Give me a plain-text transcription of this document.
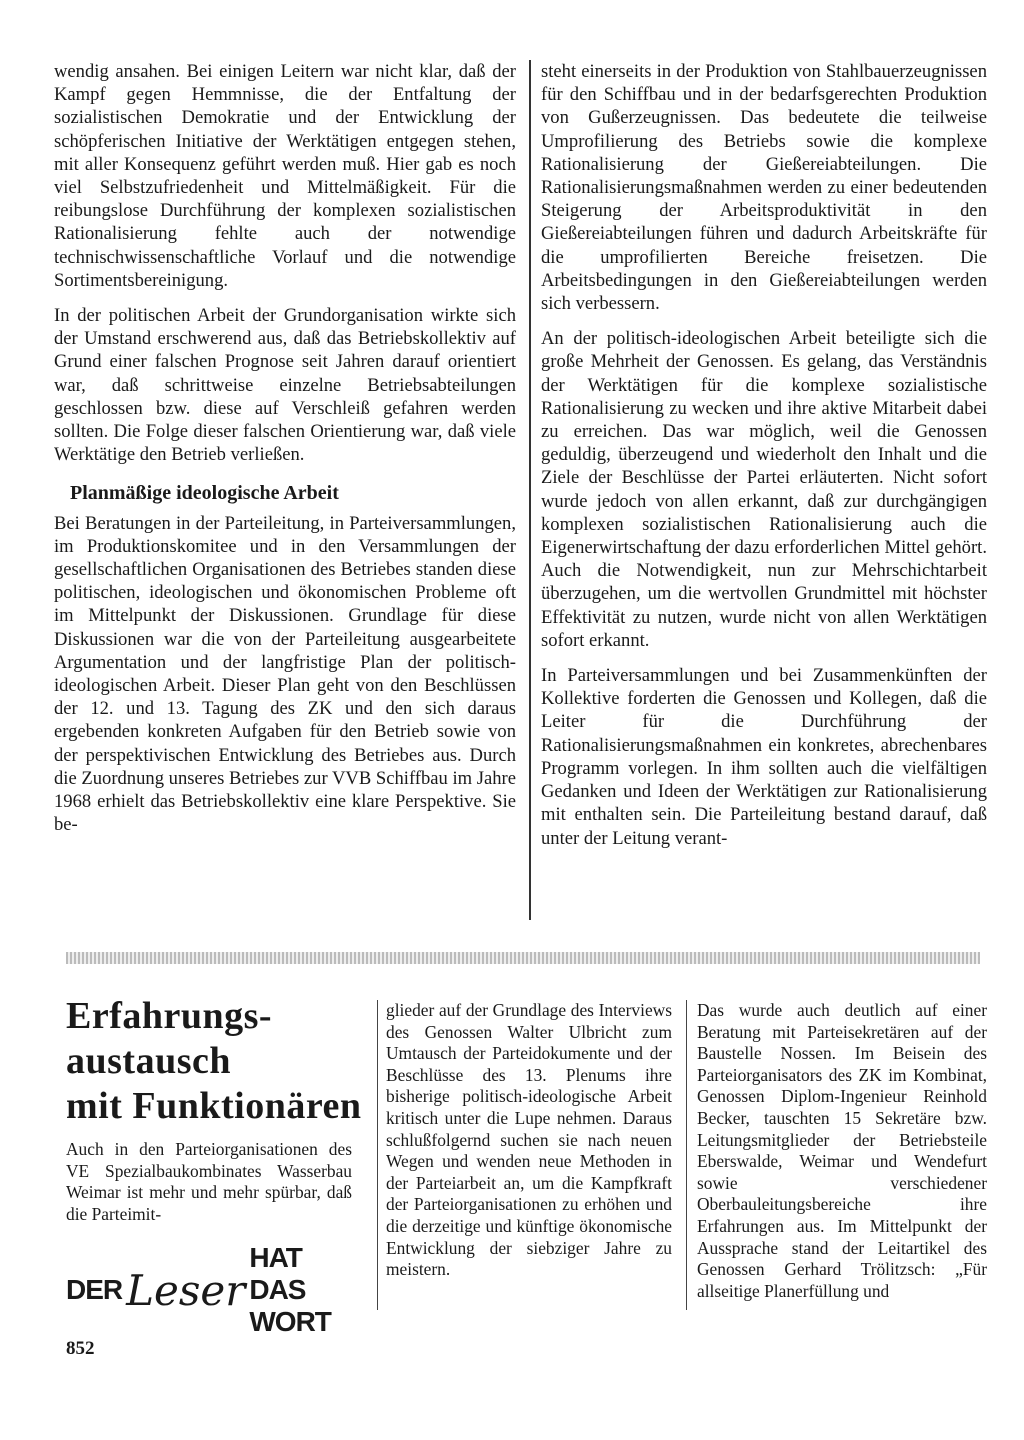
wendig ansahen. Bei einigen Leitern war nicht klar, daß der Kampf gegen Hemmnisse, die der Entfaltung der sozialistischen Demokratie und der Entwicklung der schöpferischen Initiative der Werktätigen entgegen stehen, mit aller Konsequenz geführt werden muß. Hier gab es noch viel Selbstzufriedenheit und Mittelmäßigkeit. Für die reibungslose Durchführung der komplexen sozialistischen Rationalisierung fehlte auch der notwendige technischwissenschaftliche Vorlauf und die notwendige Sortimentsbereinigung.

In der politischen Arbeit der Grundorganisation wirkte sich der Umstand erschwerend aus, daß das Betriebskollektiv auf Grund einer falschen Prognose seit Jahren darauf orientiert war, daß schrittweise einzelne Betriebsabteilungen geschlossen bzw. diese auf Verschleiß gefahren werden sollten. Die Folge dieser falschen Orientierung war, daß viele Werktätige den Betrieb verließen.

Planmäßige ideologische Arbeit

Bei Beratungen in der Parteileitung, in Parteiversammlungen, im Produktionskomitee und in den Versammlungen der gesellschaftlichen Organisationen des Betriebes standen diese politischen, ideologischen und ökonomischen Probleme oft im Mittelpunkt der Diskussionen. Grundlage für diese Diskussionen war die von der Parteileitung ausgearbeitete Argumentation und der langfristige Plan der politisch-ideologischen Arbeit. Dieser Plan geht von den Beschlüssen der 12. und 13. Tagung des ZK und den sich daraus ergebenden konkreten Aufgaben für den Betrieb sowie von der perspektivischen Entwicklung des Betriebes aus. Durch die Zuordnung unseres Betriebes zur VVB Schiffbau im Jahre 1968 erhielt das Betriebskollektiv eine klare Perspektive. Sie be-

steht einerseits in der Produktion von Stahlbauerzeugnissen für den Schiffbau und in der bedarfsgerechten Produktion von Gußerzeugnissen. Das bedeutete die teilweise Umprofilierung des Betriebs sowie die komplexe Rationalisierung der Gießereiabteilungen. Die Rationalisierungsmaßnahmen werden zu einer bedeutenden Steigerung der Arbeitsproduktivität in den Gießereiabteilungen führen und dadurch Arbeitskräfte für die umprofilierten Bereiche freisetzen. Die Arbeitsbedingungen in den Gießereiabteilungen werden sich verbessern.

An der politisch-ideologischen Arbeit beteiligte sich die große Mehrheit der Genossen. Es gelang, das Verständnis der Werktätigen für die komplexe sozialistische Rationalisierung zu wecken und ihre aktive Mitarbeit dabei zu erreichen. Das war möglich, weil die Genossen geduldig, überzeugend und wiederholt den Inhalt und die Ziele der Beschlüsse der Partei erläuterten. Nicht sofort wurde jedoch von allen erkannt, daß zur durchgängigen komplexen sozialistischen Rationalisierung auch die Eigenerwirtschaftung der dazu erforderlichen Mittel gehört. Auch die Notwendigkeit, nun zur Mehrschichtarbeit überzugehen, um die wertvollen Grundmittel mit höchster Effektivität zu nutzen, wurde nicht von allen Werktätigen sofort erkannt.

In Parteiversammlungen und bei Zusammenkünften der Kollektive forderten die Genossen und Kollegen, daß die Leiter für die Durchführung der Rationalisierungsmaßnahmen ein konkretes, abrechenbares Programm vorlegen. In ihm sollten auch die vielfältigen Gedanken und Ideen der Werktätigen zur Rationalisierung mit enthalten sein. Die Parteileitung bestand darauf, daß unter der Leitung verant-

Erfahrungs-
austausch
mit Funktionären

Auch in den Parteiorganisationen des VE Spezialbaukombinates Wasserbau Weimar ist mehr und mehr spürbar, daß die Parteimit-

glieder auf der Grundlage des Interviews des Genossen Walter Ulbricht zum Umtausch der Parteidokumente und der Beschlüsse des 13. Plenums ihre bisherige politisch-ideologische Arbeit kritisch unter die Lupe nehmen. Daraus schlußfolgernd suchen sie nach neuen Wegen und wenden neue Methoden in der Parteiarbeit an, um die Kampfkraft der Parteiorganisationen zu erhöhen und die derzeitige und künftige ökonomische Entwicklung der siebziger Jahre zu meistern.

Das wurde auch deutlich auf einer Beratung mit Parteisekretären auf der Baustelle Nossen. Im Beisein des Parteiorganisators des ZK im Kombinat, Genossen Diplom-Ingenieur Reinhold Becker, tauschten 15 Sekretäre bzw. Leitungsmitglieder der Betriebsteile Eberswalde, Weimar und Wendefurt sowie verschiedener Oberbauleitungsbereiche ihre Erfahrungen aus. Im Mittelpunkt der Aussprache stand der Leitartikel des Genossen Gerhard Trölitzsch: „Für allseitige Planerfüllung und

DER Leser
HAT DAS WORT
852
